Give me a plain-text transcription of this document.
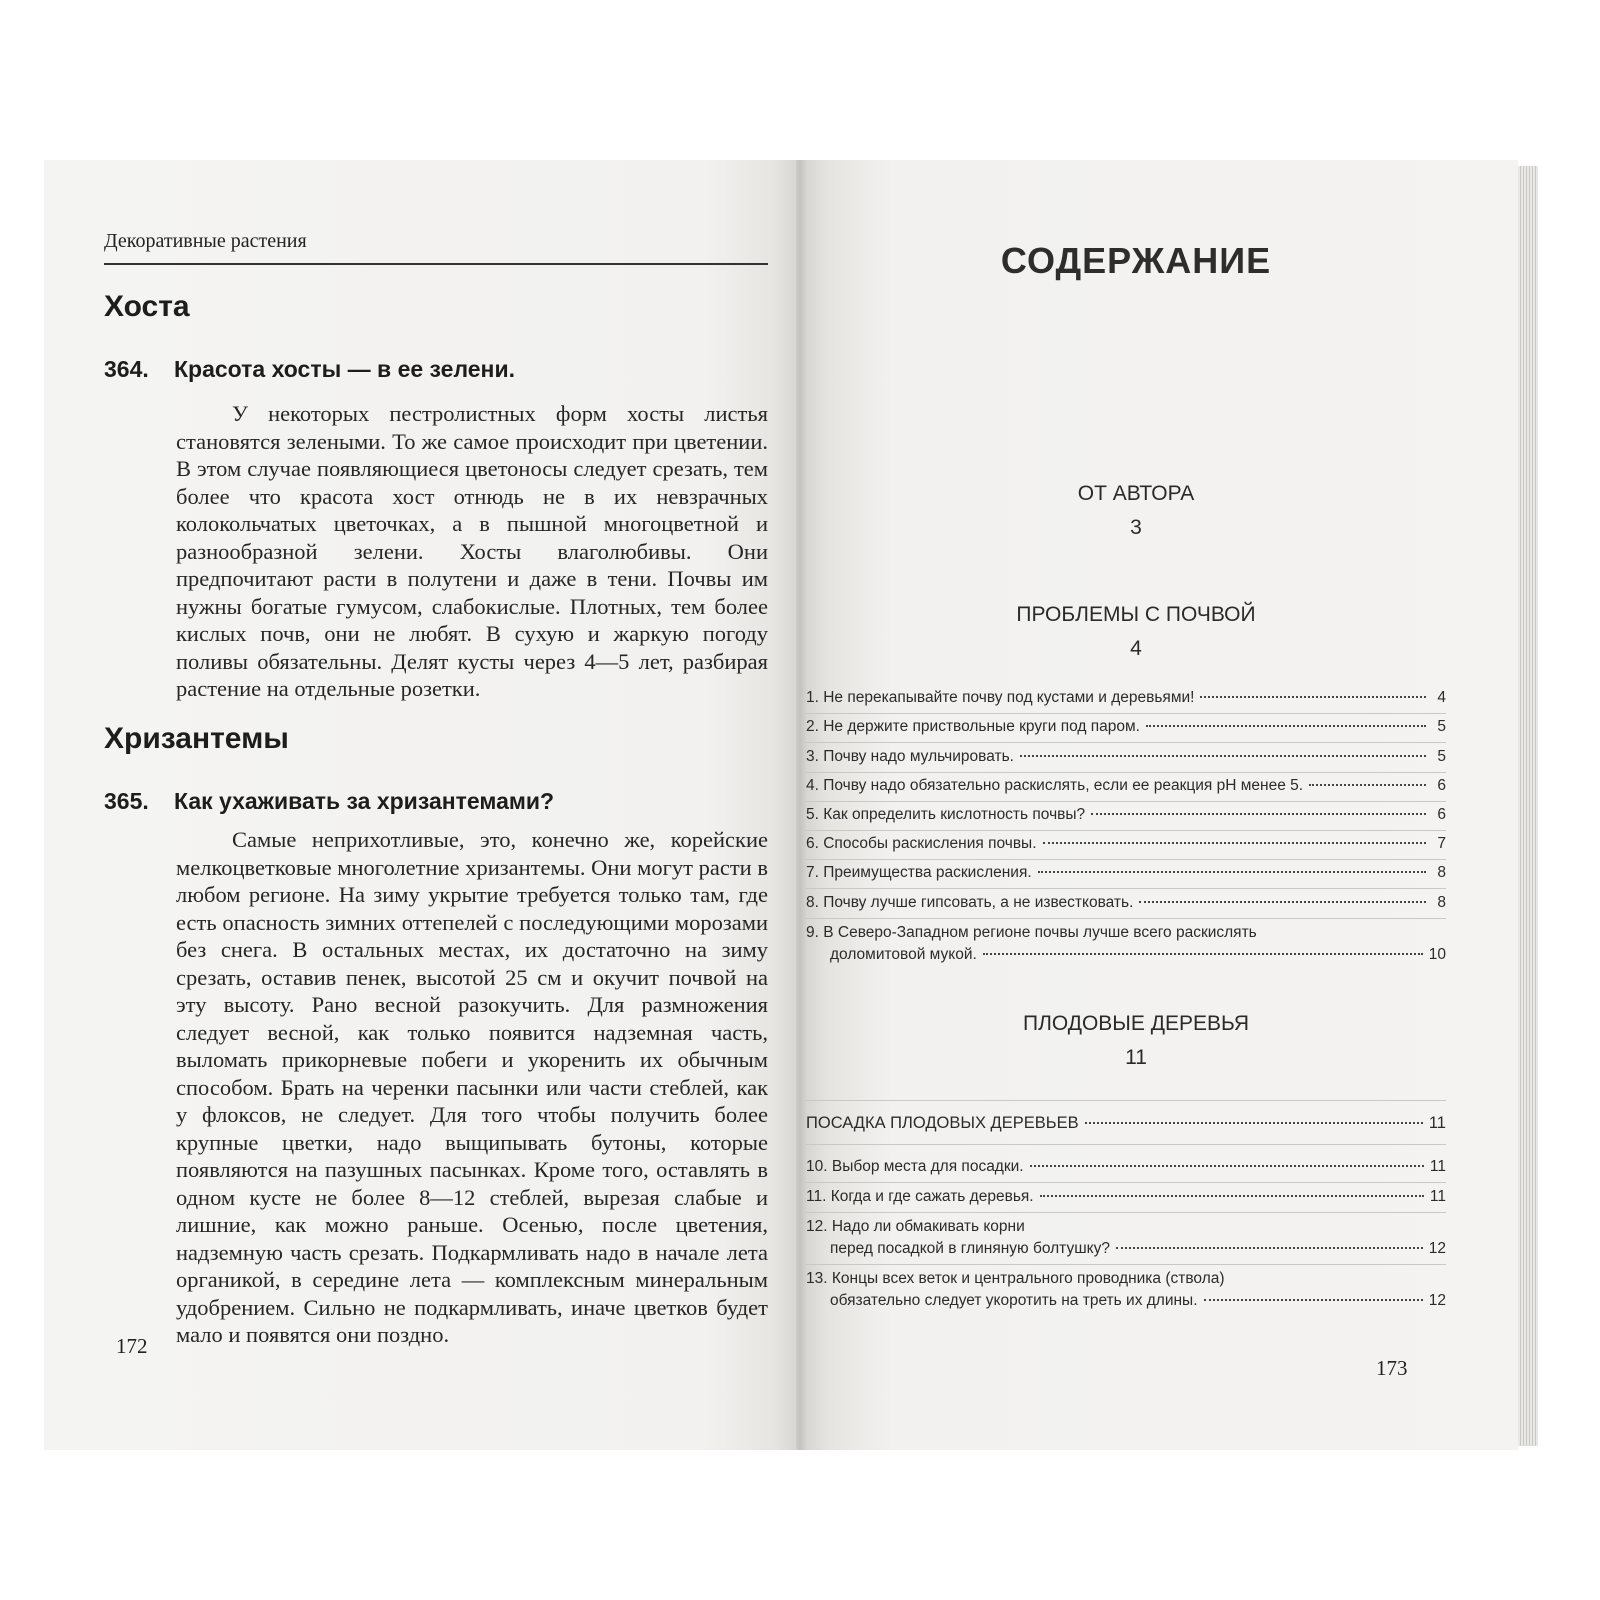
Декоративные растения
Хоста
364. Красота хосты — в ее зелени.

У некоторых пестролистных форм хосты листья становятся зелеными. То же самое происходит при цветении. В этом случае появляющиеся цветоносы следует срезать, тем более что красота хост отнюдь не в их невзрачных колокольчатых цветочках, а в пышной многоцветной и разнообразной зелени. Хосты влаголюбивы. Они предпочитают расти в полутени и даже в тени. Почвы им нужны богатые гумусом, слабокислые. Плотных, тем более кислых почв, они не любят. В сухую и жаркую погоду поливы обязательны. Делят кусты через 4—5 лет, разбирая растение на отдельные розетки.

Хризантемы
365. Как ухаживать за хризантемами?

Самые неприхотливые, это, конечно же, корейские мелкоцветковые многолетние хризантемы. Они могут расти в любом регионе. На зиму укрытие требуется только там, где есть опасность зимних оттепелей с последующими морозами без снега. В остальных местах, их достаточно на зиму срезать, оставив пенек, высотой 25 см и окучит почвой на эту высоту. Рано весной разокучить. Для размножения следует весной, как только появится надземная часть, выломать прикорневые побеги и укоренить их обычным способом. Брать на черенки пасынки или части стеблей, как у флоксов, не следует. Для того чтобы получить более крупные цветки, надо выщипывать бутоны, которые появляются на пазушных пасынках. Кроме того, оставлять в одном кусте не более 8—12 стеблей, вырезая слабые и лишние, как можно раньше. Осенью, после цветения, надземную часть срезать. Подкармливать надо в начале лета органикой, в середине лета — комплексным минеральным удобрением. Сильно не подкармливать, иначе цветков будет мало и появятся они поздно.

172
СОДЕРЖАНИЕ
ОТ АВТОРА
3
ПРОБЛЕМЫ С ПОЧВОЙ
4
1. Не перекапывайте почву под кустами и деревьями!	4
2. Не держите приствольные круги под паром.	5
3. Почву надо мульчировать.	5
4. Почву надо обязательно раскислять, если ее реакция pH менее 5.	6
5. Как определить кислотность почвы?	6
6. Способы раскисления почвы.	7
7. Преимущества раскисления.	8
8. Почву лучше гипсовать, а не известковать.	8
9. В Северо-Западном регионе почвы лучше всего раскислять
доломитовой мукой.	10
ПЛОДОВЫЕ ДЕРЕВЬЯ
11
ПОСАДКА ПЛОДОВЫХ ДЕРЕВЬЕВ	11
10. Выбор места для посадки.	11
11. Когда и где сажать деревья.	11
12. Надо ли обмакивать корни
перед посадкой в глиняную болтушку?	12
13. Концы всех веток и центрального проводника (ствола)
обязательно следует укоротить на треть их длины.	12
173
